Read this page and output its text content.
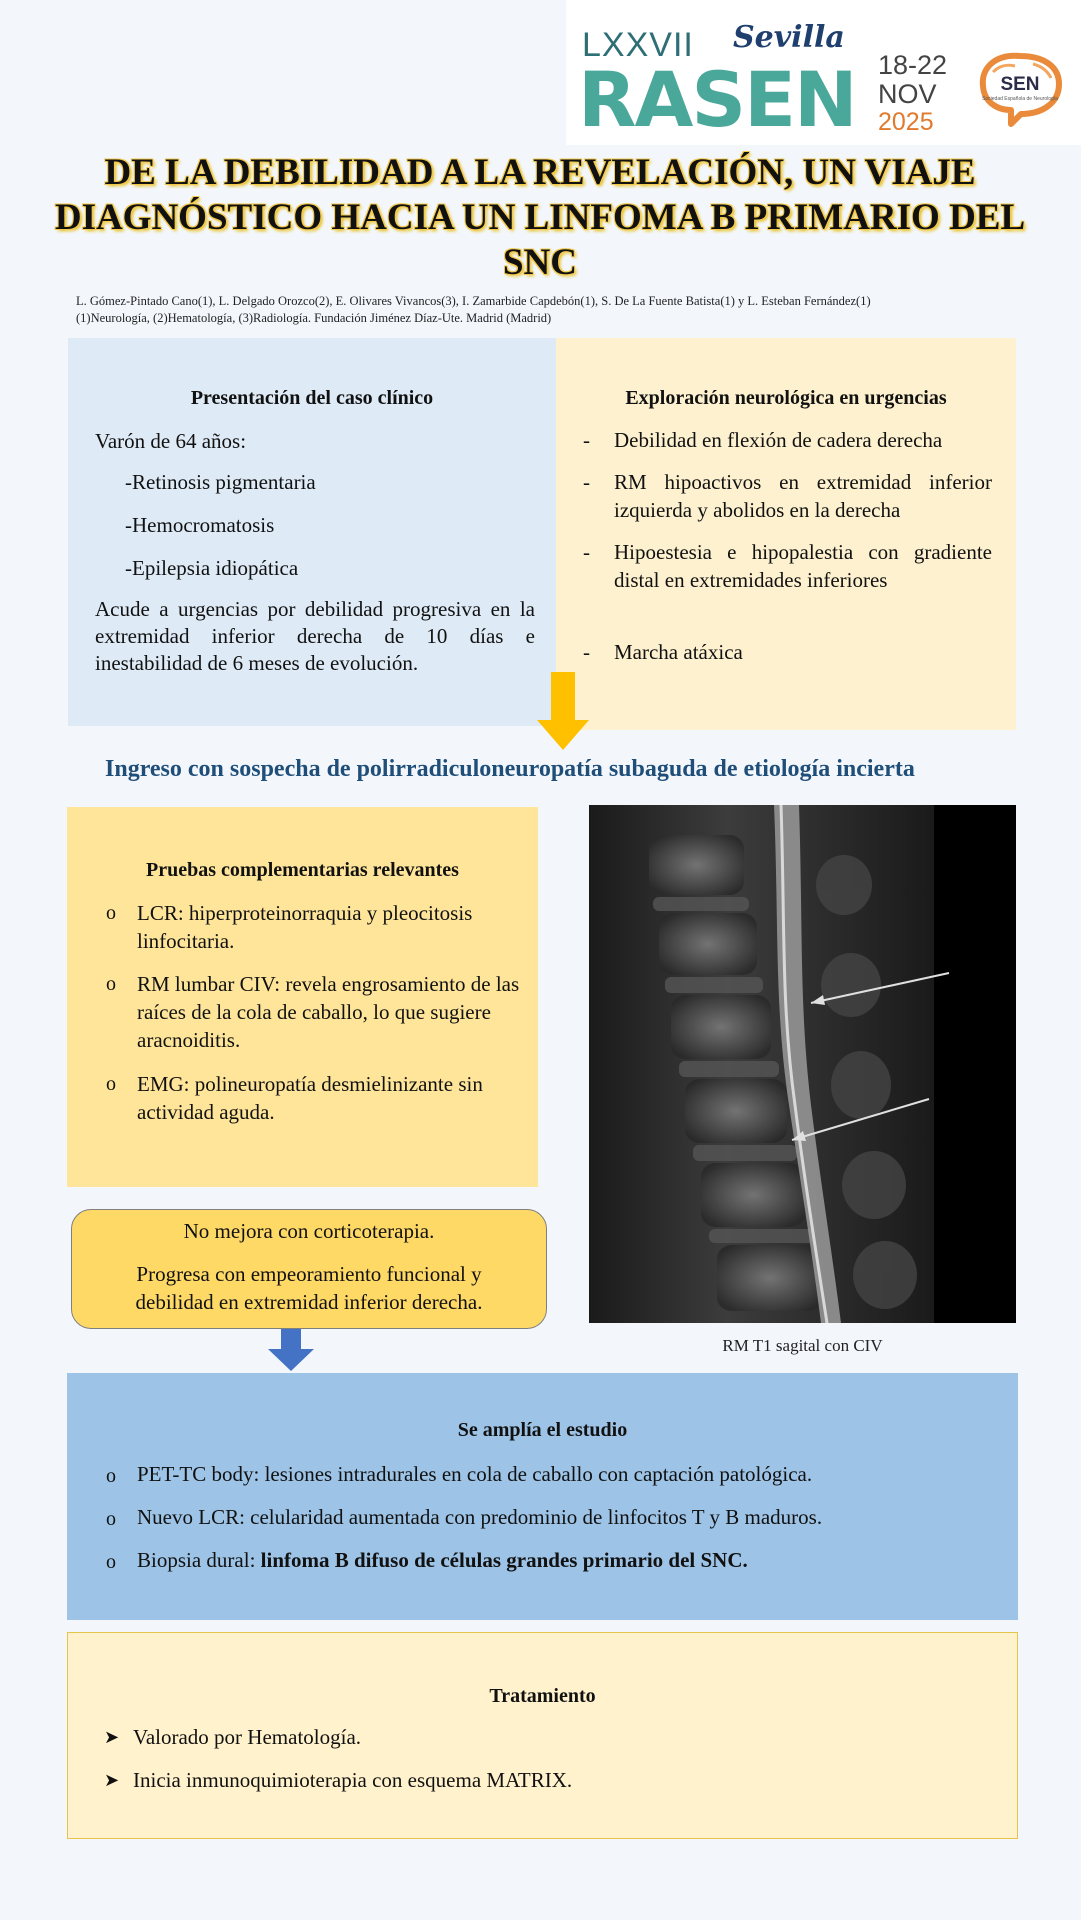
LXXVII Sevilla
RASEN 18-22
NOV
2025
SEN
Sociedad Española de Neurología
DE LA DEBILIDAD A LA REVELACIÓN, UN VIAJE DIAGNÓSTICO HACIA UN LINFOMA B PRIMARIO DEL SNC
L. Gómez-Pintado Cano(1), L. Delgado Orozco(2), E. Olivares Vivancos(3), I. Zamarbide Capdebón(1), S. De La Fuente Batista(1) y L. Esteban Fernández(1)
(1)Neurología, (2)Hematología, (3)Radiología. Fundación Jiménez Díaz-Ute. Madrid (Madrid)
Presentación del caso clínico
Varón de 64 años:
-Retinosis pigmentaria
-Hemocromatosis
-Epilepsia idiopática
Acude a urgencias por debilidad progresiva en la extremidad inferior derecha de 10 días e inestabilidad de 6 meses de evolución.
Exploración neurológica en urgencias
- Debilidad en flexión de cadera derecha
- RM hipoactivos en extremidad inferior izquierda y abolidos en la derecha
- Hipoestesia e hipopalestia con gradiente distal en extremidades inferiores
- Marcha atáxica
Ingreso con sospecha de polirradiculoneuropatía subaguda de etiología incierta
Pruebas complementarias relevantes
o LCR: hiperproteinorraquia y pleocitosis linfocitaria.
o RM lumbar CIV: revela engrosamiento de las raíces de la cola de caballo, lo que sugiere aracnoiditis.
o EMG: polineuropatía desmielinizante sin actividad aguda.
No mejora con corticoterapia.
Progresa con empeoramiento funcional y debilidad en extremidad inferior derecha.
RM T1 sagital con CIV
Se amplía el estudio
o PET-TC body: lesiones intradurales en cola de caballo con captación patológica.
o Nuevo LCR: celularidad aumentada con predominio de linfocitos T y B maduros.
o Biopsia dural: linfoma B difuso de células grandes primario del SNC.
Tratamiento
➤ Valorado por Hematología.
➤ Inicia inmunoquimioterapia con esquema MATRIX.
